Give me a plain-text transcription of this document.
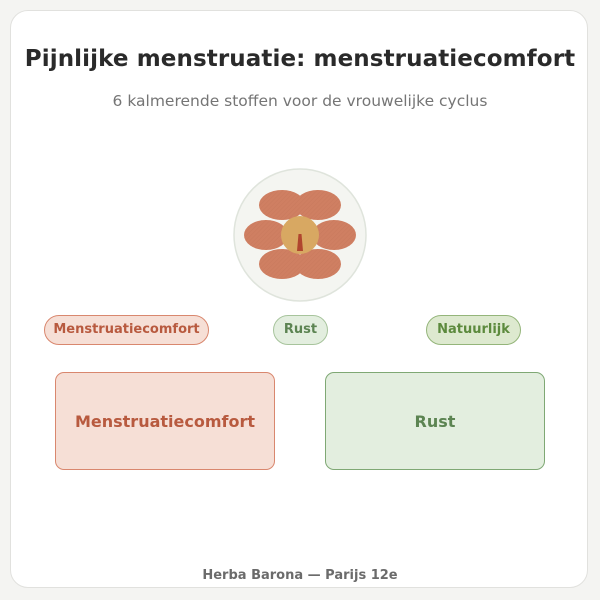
Pijnlijke menstruatie: menstruatiecomfort
6 kalmerende stoffen voor de vrouwelijke cyclus
Menstruatiecomfort	Rust	Natuurlijk
Menstruatiecomfort	Rust
Herba Barona — Parijs 12e
